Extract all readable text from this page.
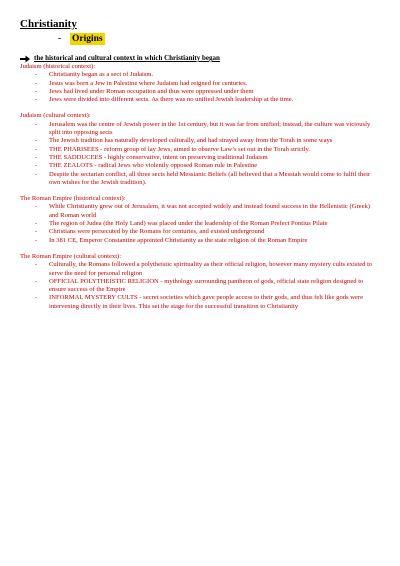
Christianity
-	Origins
the historical and cultural context in which Christianity began
Judaism (historical context):
-	Christianity began as a sect of Judaism.
-	Jesus was born a Jew in Palestine where Judaism had reigned for centuries.
-	Jews had lived under Roman occupation and thus were oppressed under them
-	Jews were divided into different sects. As there was no unified Jewish leadership at the time.
Judaism (cultural context):
-	Jerusalem was the centre of Jewish power in the 1st century, but it was far from unified; instead, the culture was viciously split into opposing sects
-	The Jewish tradition has naturally developed culturally, and had strayed away from the Torah in some ways
-	THE PHARISEES - reform group of lay Jews, aimed to observe Law’s set out in the Torah strictly.
-	THE SADDUCEES - highly conservative, intent on preserving traditional Judaism
-	THE ZEALOTS - radical Jews who violently opposed Roman rule in Palestine
-	Despite the sectarian conflict, all three sects held Messianic Beliefs (all believed that a Messiah would come to fulfil their own wishes for the Jewish tradition).
The Roman Empire (historical context):
-	While Christianity grew out of Jerusalem, it was not accepted widely and instead found success in the Hellenistic (Greek) and Roman world
-	The region of Judea (the Holy Land) was placed under the leadership of the Roman Prefect Pontius Pilate
-	Christians were persecuted by the Romans for centuries, and existed underground
-	In 381 CE, Emperor Constantine appointed Christianity as the state religion of the Roman Empire
The Roman Empire (cultural context):
-	Culturally, the Romans followed a polytheistic spirituality as their official religion, however many mystery cults existed to serve the need for personal religion
-	OFFICIAL POLYTHEISTIC RELIGION - mythology surrounding pantheon of gods, official state religion designed to ensure success of the Empire
-	INFORMAL MYSTERY CULTS - secret societies which gave people access to their gods, and thus felt like gods were intervening directly in their lives. This set the stage for the successful transition to Christianity
